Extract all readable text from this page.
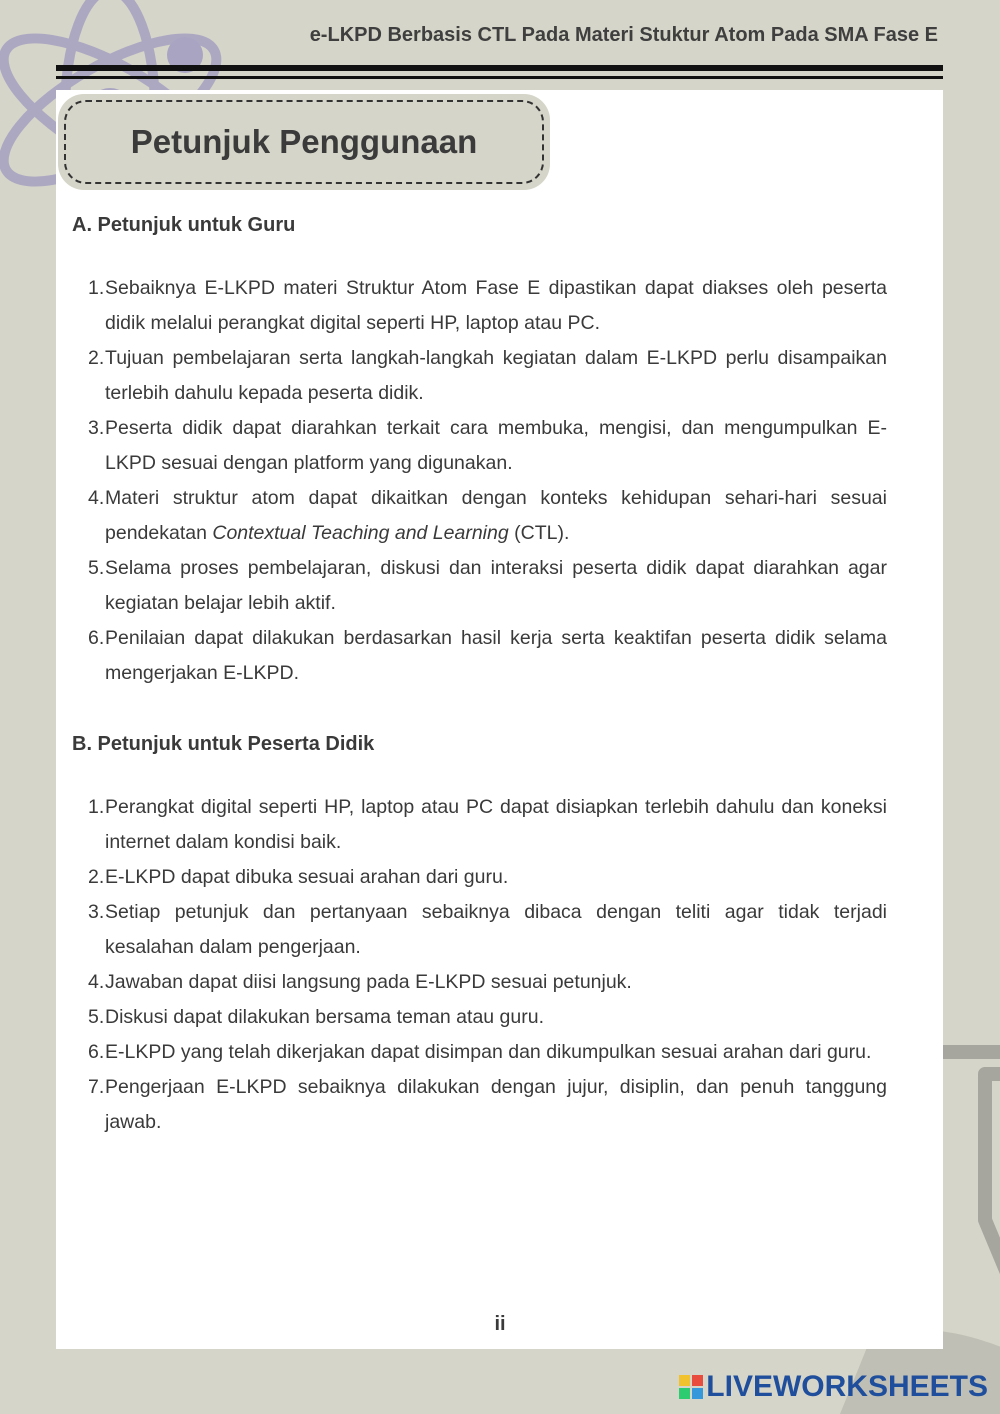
e-LKPD Berbasis CTL Pada Materi Stuktur Atom Pada SMA Fase E
Petunjuk Penggunaan
A. Petunjuk untuk Guru
1. Sebaiknya E-LKPD materi Struktur Atom Fase E dipastikan dapat diakses oleh peserta didik melalui perangkat digital seperti HP, laptop atau PC.
2. Tujuan pembelajaran serta langkah-langkah kegiatan dalam E-LKPD perlu disampaikan terlebih dahulu kepada peserta didik.
3. Peserta didik dapat diarahkan terkait cara membuka, mengisi, dan mengumpulkan E-LKPD sesuai dengan platform yang digunakan.
4. Materi struktur atom dapat dikaitkan dengan konteks kehidupan sehari-hari sesuai pendekatan Contextual Teaching and Learning (CTL).
5. Selama proses pembelajaran, diskusi dan interaksi peserta didik dapat diarahkan agar kegiatan belajar lebih aktif.
6. Penilaian dapat dilakukan berdasarkan hasil kerja serta keaktifan peserta didik selama mengerjakan E-LKPD.
B. Petunjuk untuk Peserta Didik
1. Perangkat digital seperti HP, laptop atau PC dapat disiapkan terlebih dahulu dan koneksi internet dalam kondisi baik.
2. E-LKPD dapat dibuka sesuai arahan dari guru.
3. Setiap petunjuk dan pertanyaan sebaiknya dibaca dengan teliti agar tidak terjadi kesalahan dalam pengerjaan.
4. Jawaban dapat diisi langsung pada E-LKPD sesuai petunjuk.
5. Diskusi dapat dilakukan bersama teman atau guru.
6. E-LKPD yang telah dikerjakan dapat disimpan dan dikumpulkan sesuai arahan dari guru.
7. Pengerjaan E-LKPD sebaiknya dilakukan dengan jujur, disiplin, dan penuh tanggung jawab.
ii
LIVEWORKSHEETS
